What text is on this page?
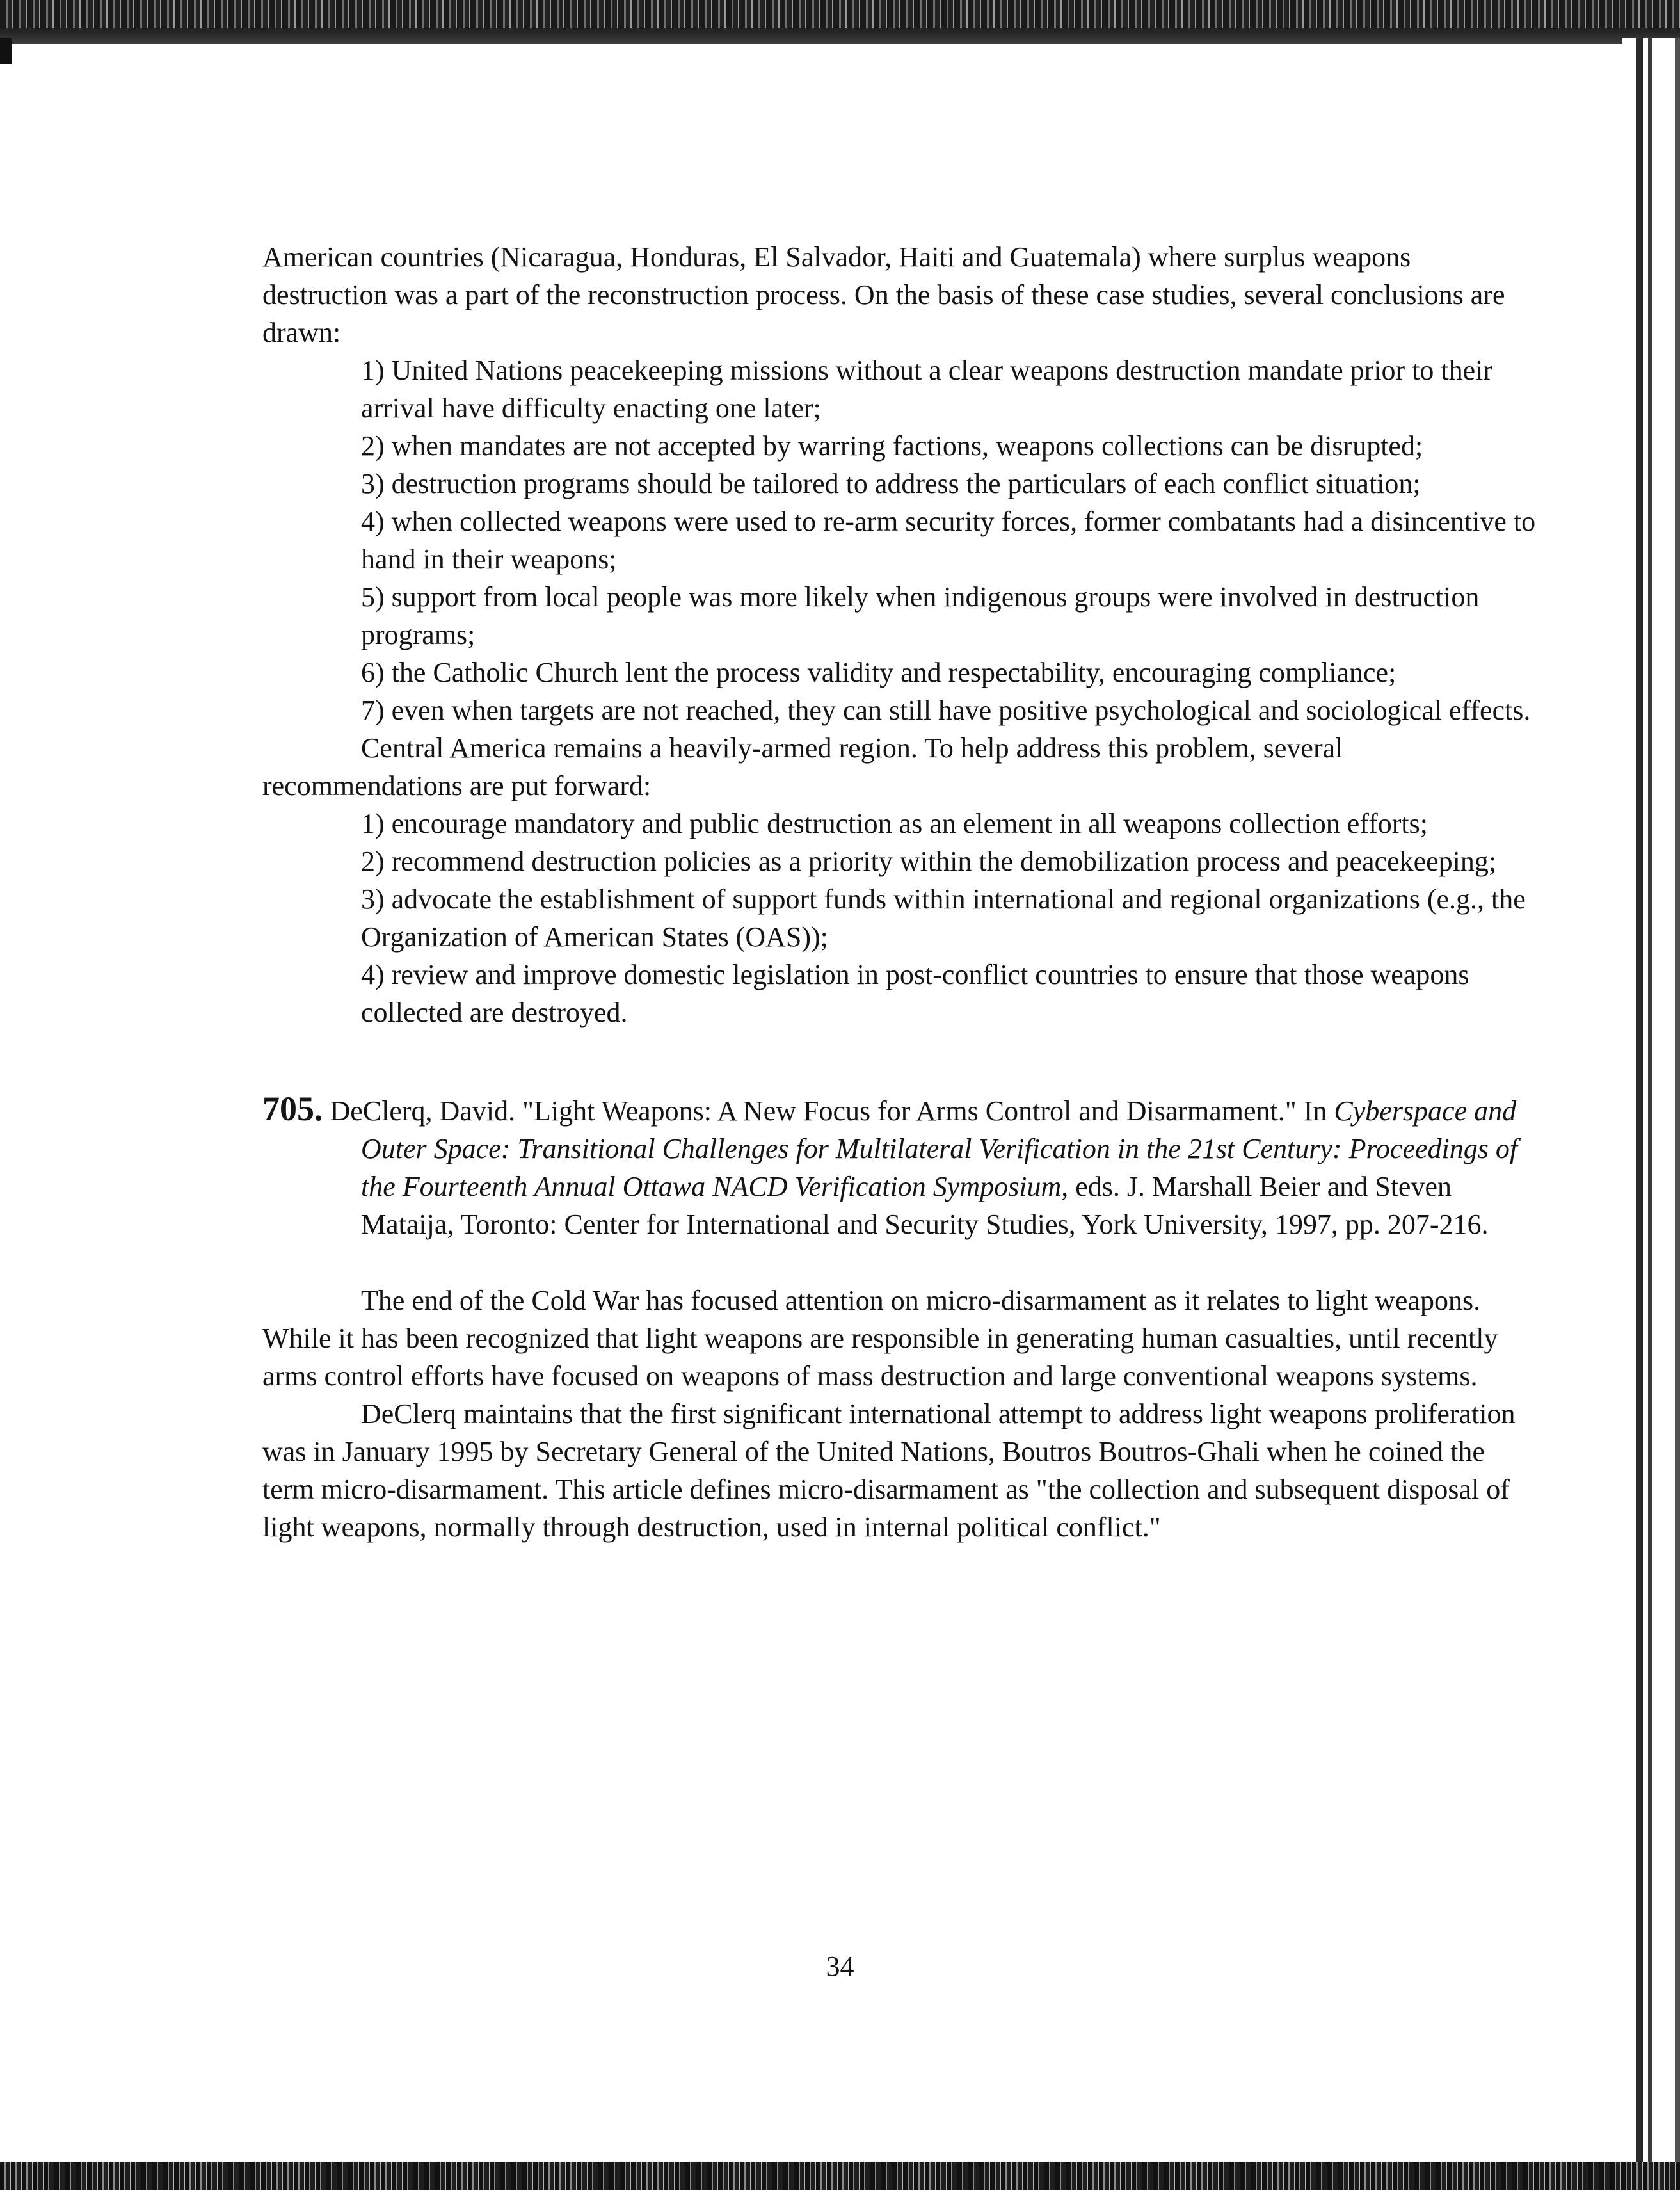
American countries (Nicaragua, Honduras, El Salvador, Haiti and Guatemala) where surplus weapons destruction was a part of the reconstruction process. On the basis of these case studies, several conclusions are drawn:

1) United Nations peacekeeping missions without a clear weapons destruction mandate prior to their arrival have difficulty enacting one later;
2) when mandates are not accepted by warring factions, weapons collections can be disrupted;
3) destruction programs should be tailored to address the particulars of each conflict situation;
4) when collected weapons were used to re-arm security forces, former combatants had a disincentive to hand in their weapons;
5) support from local people was more likely when indigenous groups were involved in destruction programs;
6) the Catholic Church lent the process validity and respectability, encouraging compliance;
7) even when targets are not reached, they can still have positive psychological and sociological effects.

Central America remains a heavily-armed region. To help address this problem, several recommendations are put forward:

1) encourage mandatory and public destruction as an element in all weapons collection efforts;
2) recommend destruction policies as a priority within the demobilization process and peacekeeping;
3) advocate the establishment of support funds within international and regional organizations (e.g., the Organization of American States (OAS));
4) review and improve domestic legislation in post-conflict countries to ensure that those weapons collected are destroyed.

705. DeClerq, David. "Light Weapons: A New Focus for Arms Control and Disarmament." In Cyberspace and Outer Space: Transitional Challenges for Multilateral Verification in the 21st Century: Proceedings of the Fourteenth Annual Ottawa NACD Verification Symposium, eds. J. Marshall Beier and Steven Mataija, Toronto: Center for International and Security Studies, York University, 1997, pp. 207-216.

The end of the Cold War has focused attention on micro-disarmament as it relates to light weapons. While it has been recognized that light weapons are responsible in generating human casualties, until recently arms control efforts have focused on weapons of mass destruction and large conventional weapons systems.

DeClerq maintains that the first significant international attempt to address light weapons proliferation was in January 1995 by Secretary General of the United Nations, Boutros Boutros-Ghali when he coined the term micro-disarmament. This article defines micro-disarmament as "the collection and subsequent disposal of light weapons, normally through destruction, used in internal political conflict."

34
